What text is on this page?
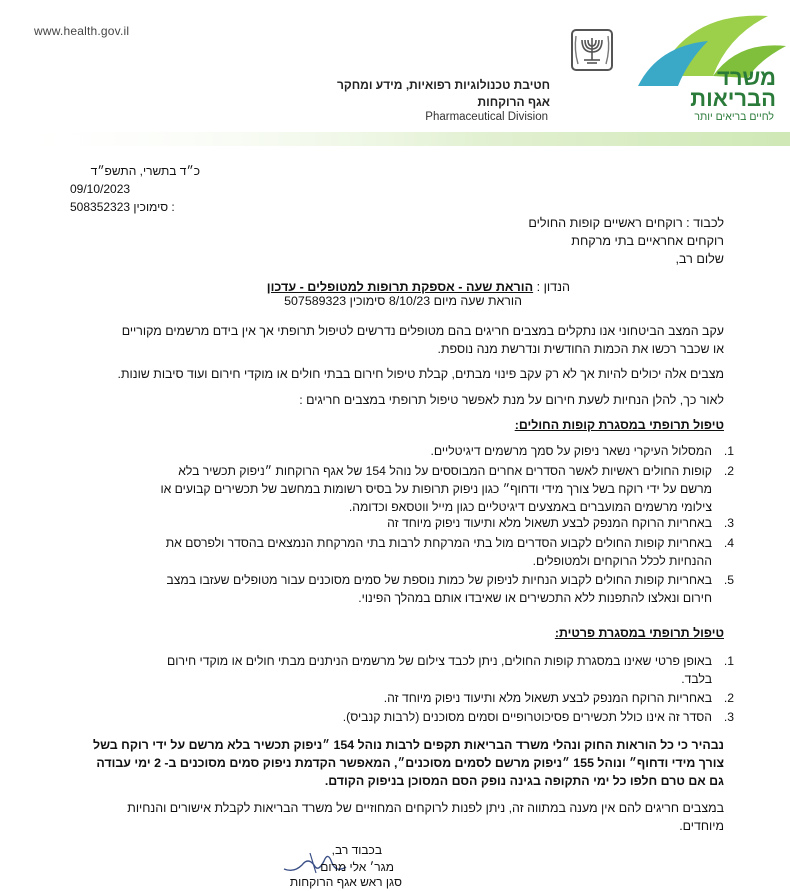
www.health.gov.il
חטיבת טכנולוגיות רפואיות, מידע ומחקר
אגף הרוקחות
Pharmaceutical Division
משרד
הבריאות
לחיים בריאים יותר
כ״ד בתשרי, התשפ״ד
09/10/2023
508352323 סימוכין :
לכבוד : רוקחים ראשיים קופות החולים
רוקחים אחראיים בתי מרקחת
שלום רב,
הנדון : הוראת שעה - אספקת תרופות למטופלים - עדכון
הוראת שעה מיום 8/10/23 סימוכין 507589323
עקב המצב הביטחוני אנו נתקלים במצבים חריגים בהם מטופלים נדרשים לטיפול תרופתי אך אין בידם מרשמים מקוריים
או שכבר רכשו את הכמות החודשית ונדרשת מנה נוספת.
מצבים אלה יכולים להיות אך לא רק עקב פינוי מבתים, קבלת טיפול חירום בבתי חולים או מוקדי חירום ועוד סיבות שונות.
לאור כך, להלן הנחיות לשעת חירום על מנת לאפשר טיפול תרופתי במצבים חריגים :
טיפול תרופתי במסגרת קופות החולים:
1.
המסלול העיקרי נשאר ניפוק על סמך מרשמים דיגיטליים.
2.
קופות החולים ראשיות לאשר הסדרים אחרים המבוססים על נוהל 154 של אגף הרוקחות ״ניפוק תכשיר בלא
מרשם על ידי רוקח בשל צורך מידי ודחוף״ כגון ניפוק תרופות על בסיס רשומות במחשב של תכשירים קבועים או
צילומי מרשמים המועברים באמצעים דיגיטליים כגון מייל ווטסאפ וכדומה.
3.
באחריות הרוקח המנפק לבצע תשאול מלא ותיעוד ניפוק מיוחד זה
4.
באחריות קופות החולים לקבוע הסדרים מול בתי המרקחת לרבות בתי המרקחת הנמצאים בהסדר ולפרסם את
ההנחיות לכלל הרוקחים ולמטופלים.
5.
באחריות קופות החולים לקבוע הנחיות לניפוק של כמות נוספת של סמים מסוכנים עבור מטופלים שעזבו במצב
חירום ונאלצו להתפנות ללא התכשירים או שאיבדו אותם במהלך הפינוי.
טיפול תרופתי במסגרת פרטית:
1.
באופן פרטי שאינו במסגרת קופות החולים, ניתן לכבד צילום של מרשמים הניתנים מבתי חולים או מוקדי חירום
בלבד.
2.
באחריות הרוקח המנפק לבצע תשאול מלא ותיעוד ניפוק מיוחד זה.
3.
הסדר זה אינו כולל תכשירים פסיכוטרופיים וסמים מסוכנים (לרבות קנביס).
נבהיר כי כל הוראות החוק ונהלי משרד הבריאות תקפים לרבות נוהל 154 ״ניפוק תכשיר בלא מרשם על ידי רוקח בשל
צורך מידי ודחוף״ ונוהל 155 ״ניפוק מרשם לסמים מסוכנים״, המאפשר הקדמת ניפוק סמים מסוכנים ב- 2 ימי עבודה
גם אם טרם חלפו כל ימי התקופה בגינה נופק הסם המסוכן בניפוק הקודם.
במצבים חריגים להם אין מענה במתווה זה, ניתן לפנות לרוקחים המחוזיים של משרד הבריאות לקבלת אישורים והנחיות
מיוחדים.
בכבוד רב,
מגר׳ אלי מרום
סגן ראש אגף הרוקחות
